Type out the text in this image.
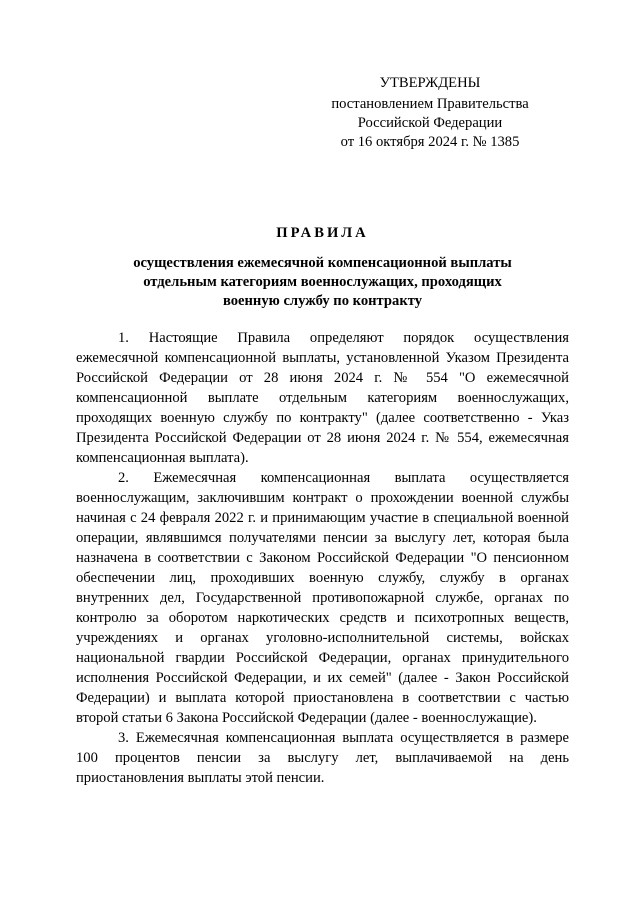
УТВЕРЖДЕНЫ
постановлением Правительства
Российской Федерации
от 16 октября 2024 г. № 1385
ПРАВИЛА
осуществления ежемесячной компенсационной выплаты
отдельным категориям военнослужащих, проходящих
военную службу по контракту

1. Настоящие Правила определяют порядок осуществления ежемесячной компенсационной выплаты, установленной Указом Президента Российской Федерации от 28 июня 2024 г. № 554 "О ежемесячной компенсационной выплате отдельным категориям военнослужащих, проходящих военную службу по контракту" (далее соответственно - Указ Президента Российской Федерации от 28 июня 2024 г. № 554, ежемесячная компенсационная выплата).

2. Ежемесячная компенсационная выплата осуществляется военнослужащим, заключившим контракт о прохождении военной службы начиная с 24 февраля 2022 г. и принимающим участие в специальной военной операции, являвшимся получателями пенсии за выслугу лет, которая была назначена в соответствии с Законом Российской Федерации "О пенсионном обеспечении лиц, проходивших военную службу, службу в органах внутренних дел, Государственной противопожарной службе, органах по контролю за оборотом наркотических средств и психотропных веществ, учреждениях и органах уголовно-исполнительной системы, войсках национальной гвардии Российской Федерации, органах принудительного исполнения Российской Федерации, и их семей" (далее - Закон Российской Федерации) и выплата которой приостановлена в соответствии с частью второй статьи 6 Закона Российской Федерации (далее - военнослужащие).

3. Ежемесячная компенсационная выплата осуществляется в размере 100 процентов пенсии за выслугу лет, выплачиваемой на день приостановления выплаты этой пенсии.
